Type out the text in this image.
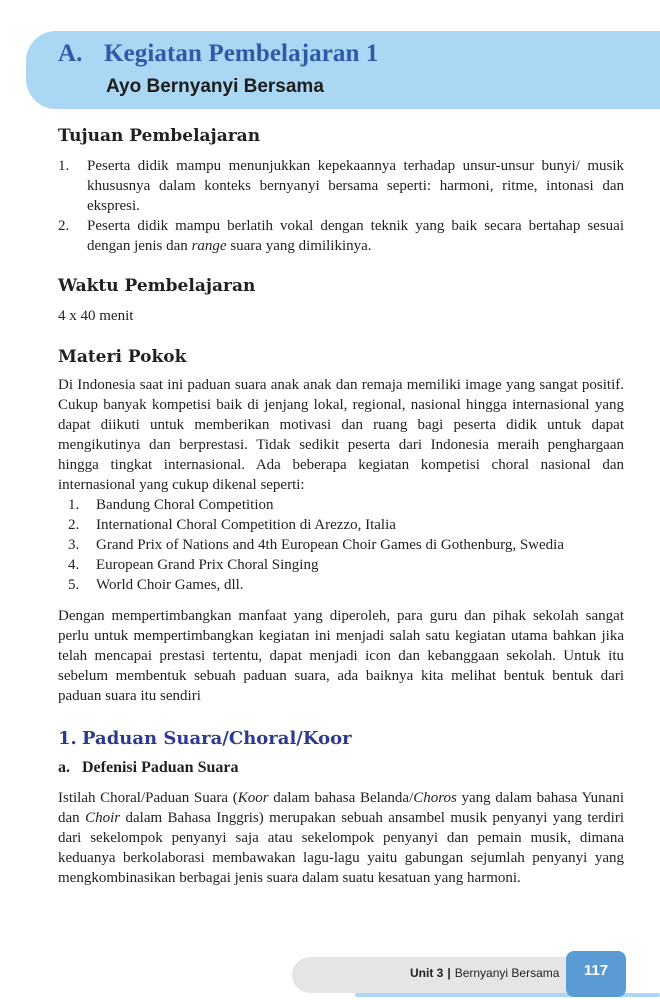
A. Kegiatan Pembelajaran 1
Ayo Bernyanyi Bersama
Tujuan Pembelajaran
1. Peserta didik mampu menunjukkan kepekaannya terhadap unsur-unsur bunyi/ musik khususnya dalam konteks bernyanyi bersama seperti: harmoni, ritme, intonasi dan ekspresi.
2. Peserta didik mampu berlatih vokal dengan teknik yang baik secara bertahap sesuai dengan jenis dan range suara yang dimilikinya.
Waktu Pembelajaran

4 x 40 menit

Materi Pokok

Di Indonesia saat ini paduan suara anak anak dan remaja memiliki image yang sangat positif. Cukup banyak kompetisi baik di jenjang lokal, regional, nasional hingga internasional yang dapat diikuti untuk memberikan motivasi dan ruang bagi peserta didik untuk dapat mengikutinya dan berprestasi. Tidak sedikit peserta dari Indonesia meraih penghargaan hingga tingkat internasional. Ada beberapa kegiatan kompetisi choral nasional dan internasional yang cukup dikenal seperti:

1. Bandung Choral Competition
2. International Choral Competition di Arezzo, Italia
3. Grand Prix of Nations and 4th European Choir Games di Gothenburg, Swedia
4. European Grand Prix Choral Singing
5. World Choir Games, dll.

Dengan mempertimbangkan manfaat yang diperoleh, para guru dan pihak sekolah sangat perlu untuk mempertimbangkan kegiatan ini menjadi salah satu kegiatan utama bahkan jika telah mencapai prestasi tertentu, dapat menjadi icon dan kebanggaan sekolah. Untuk itu sebelum membentuk sebuah paduan suara, ada baiknya kita melihat bentuk bentuk dari paduan suara itu sendiri

1. Paduan Suara/Choral/Koor
a. Defenisi Paduan Suara

Istilah Choral/Paduan Suara (Koor dalam bahasa Belanda/Choros yang dalam bahasa Yunani dan Choir dalam Bahasa Inggris) merupakan sebuah ansambel musik penyanyi yang terdiri dari sekelompok penyanyi saja atau sekelompok penyanyi dan pemain musik, dimana keduanya berkolaborasi membawakan lagu-lagu yaitu gabungan sejumlah penyanyi yang mengkombinasikan berbagai jenis suara dalam suatu kesatuan yang harmoni.

Unit 3 | Bernyanyi Bersama	117
